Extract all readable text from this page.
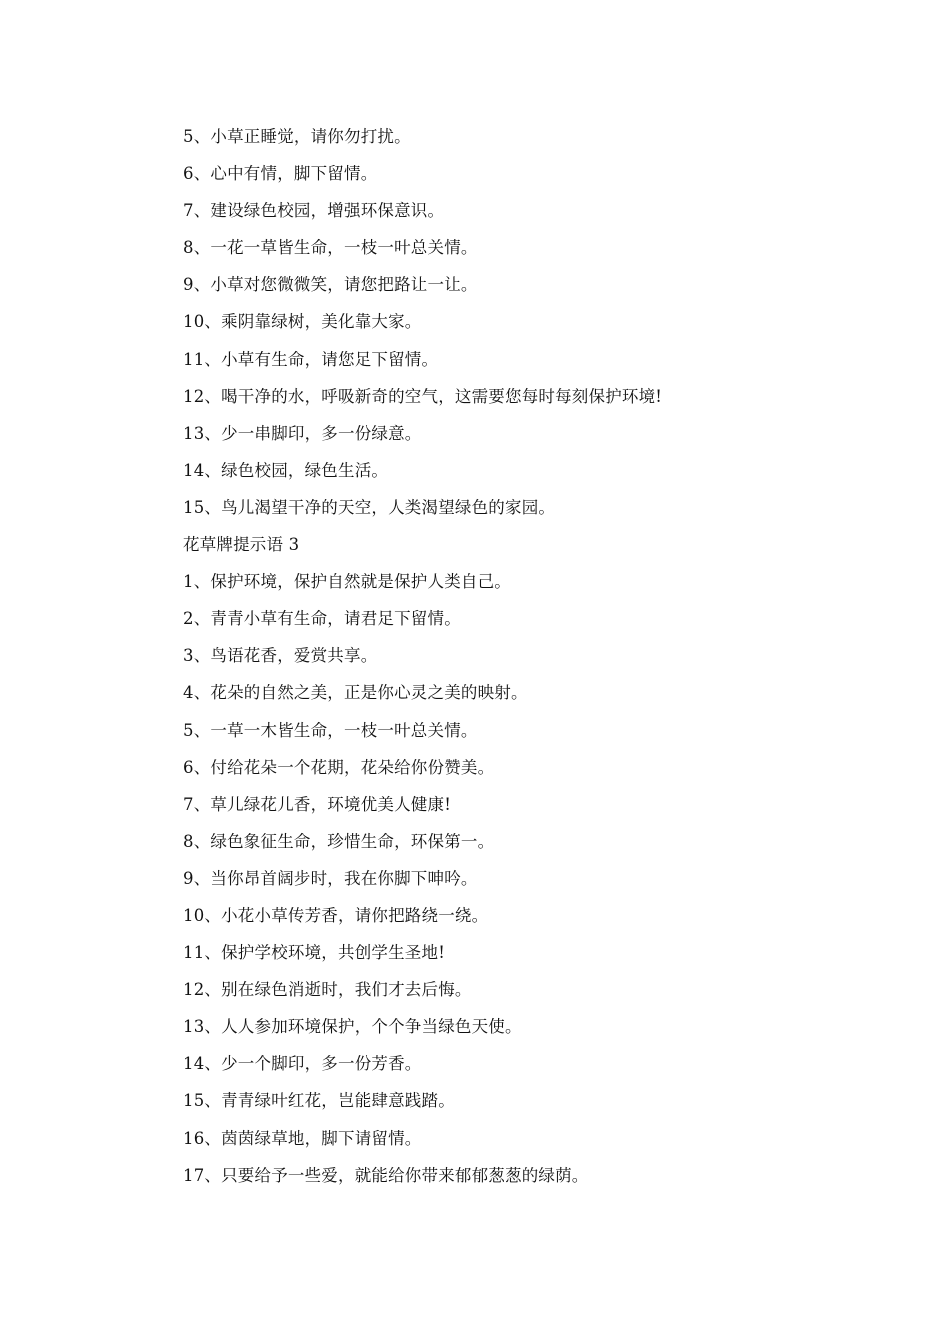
5、小草正睡觉，请你勿打扰。
6、心中有情，脚下留情。
7、建设绿色校园，增强环保意识。
8、一花一草皆生命，一枝一叶总关情。
9、小草对您微微笑，请您把路让一让。
10、乘阴靠绿树，美化靠大家。
11、小草有生命，请您足下留情。
12、喝干净的水，呼吸新奇的空气，这需要您每时每刻保护环境!
13、少一串脚印，多一份绿意。
14、绿色校园，绿色生活。
15、鸟儿渴望干净的天空，人类渴望绿色的家园。
花草牌提示语 3
1、保护环境，保护自然就是保护人类自己。
2、青青小草有生命，请君足下留情。
3、鸟语花香，爱赏共享。
4、花朵的自然之美，正是你心灵之美的映射。
5、一草一木皆生命，一枝一叶总关情。
6、付给花朵一个花期，花朵给你份赞美。
7、草儿绿花儿香，环境优美人健康!
8、绿色象征生命，珍惜生命，环保第一。
9、当你昂首阔步时，我在你脚下呻吟。
10、小花小草传芳香，请你把路绕一绕。
11、保护学校环境，共创学生圣地!
12、别在绿色消逝时，我们才去后悔。
13、人人参加环境保护，个个争当绿色天使。
14、少一个脚印，多一份芳香。
15、青青绿叶红花，岂能肆意践踏。
16、茵茵绿草地，脚下请留情。
17、只要给予一些爱，就能给你带来郁郁葱葱的绿荫。
